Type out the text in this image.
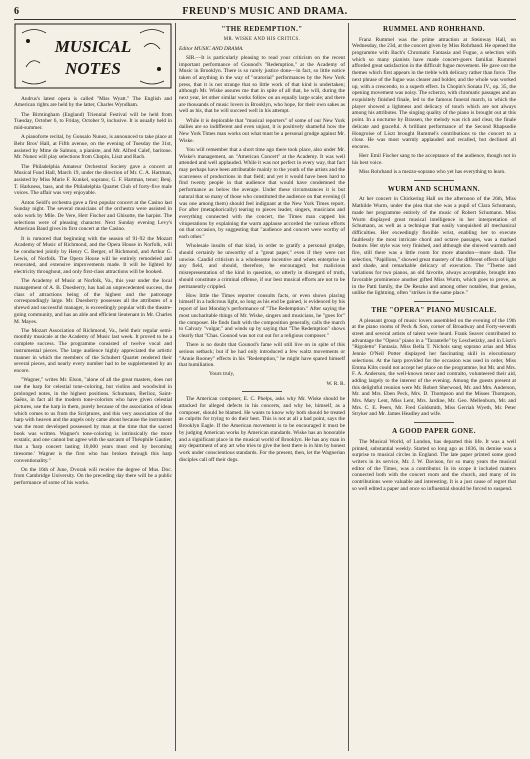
6	FREUND'S MUSIC AND DRAMA.
MUSICAL
NOTES

Andrus's latest opera is called "Miss Wyatt." The English and American rights are held by the latter, Charles Wyndham.

The Birmingham (England) Triennial Festival will be held from Tuesday, October 6, to Friday, October 9, inclusive. It is usually held in mid-summer.

A pianoforte recital, by Gonsalo Nunez, is announced to take place at Behr Bros' Hall, at Fifth avenue, on the evening of Tuesday the 31st, assisted by Mme de Salmon, a pianiste, and Mr. Alfred Calef, baritone. Mr. Nunez will play selections from Chopin, Liszt and Bach.

The Philadelphia Amateur Orchestral Society gave a concert at Musical Fund Hall, March 19, under the direction of Mr. C. A. Hartman, assisted by Miss Marie F. Kunkel, soprano; G. F. Hartman, tenor; Benj. T. Harkness, bass, and the Philadelphia Quartet Club of forty-five male voices. The affair was very enjoyable.

Anton Seidl's orchestra gave a first popular concert at the Casino last Sunday night. The several musicians of the orchestra were assisted in solo work by Mlle. De Vere, Herr Fischer and Ghisotte, the harpist. The selections were of pleasing character. Next Sunday evening Levy's American Band gives its first concert at the Casino.

It is rumored that beginning with the season of 91-92 the Mozart Academy of Music of Richmond, and the Opera House in Norfolk, will be conducted jointly by Henry C. Berger, of Richmond, and Arthur G. Lewis, of Norfolk. The Opera House will be entirely remodeled and renovated, and extensive improvements made. It will be lighted by electricity throughout, and only first-class attractions will be booked.

The Academy of Music at Norfolk, Va., this year under the local management of A. B. Duesberry, has had an unprecedented success, the class of attractions being of the highest and the patronage correspondingly large. Mr. Duesberry possesses all the attributes of a shrewd and successful manager, is exceedingly popular with the theatre-going community, and has an able and efficient lieutenant in Mr. Charles M. Mayes.

The Mozart Association of Richmond, Va., held their regular semi-monthly musicale at the Academy of Music last week. It proved to be a complete success. The programme consisted of twelve vocal and instrumental pieces. The large audience highly appreciated the artistic manner in which the members of the Schubert Quartet rendered their several pieces, and nearly every number had to be supplemented by an encore.

"Wagner," writes Mr. Elson, "alone of all the great masters, does not use the harp for celestial tone-coloring, but violins and woodwind in prolonged notes, in the highest positions. Schumann, Berlioz, Saint-Saëns, in fact all the modern tone-colorists who have given celestial pictures, use the harp in them, purely because of the association of ideas which comes to us from the Scriptures, and this very association of the harp with heaven and the angels only came about because the instrument was the most developed possessed by man at the time that the sacred book was written. Wagner's tone-coloring is intrinsically the more ecstatic, and one cannot but agree with the sarcasm of Théophile Gautier, that a 'harp concert lasting 10,000 years must end by becoming tiresome.' Wagner is the first who has broken through this harp conventionality."

On the 16th of June, Dvorak will receive the degree of Mus. Doc. from Cambridge University. On the preceding day there will be a public performance of some of his works.

"THE REDEMPTION."
MR. WISKE AND HIS CRITICS.

Editor MUSIC AND DRAMA.

SIR.—It is particularly pleasing to read your criticism on the recent important performance of Gounod's "Redemption," at the Academy of Music in Brooklyn. There is so rarely justice done—in fact, so little notice taken of anything in the way of "oratorial" performances by the New York press, that it is not strange that so little work of that kind is undertaken; although Mr. Wiske assures me that in spite of all that, he will, during the next year, let other similar works follow on an equally large scale; and there are thousands of music lovers in Brooklyn, who hope, for their own sakes as well as his, that he will succeed well in his attempt.

While it is deplorable that "musical reporters" of some of our New York dailies are so indifferent and even unjust, it is positively shameful how the New York Times man works out what must be a personal grudge against Mr. Wiske.

You will remember that a short time ago there took place, also under Mr. Wiske's management, an "American Concert" at the Academy. It was well attended and well applauded. While it was not perfect in every way, that fact may perhaps have been attributable mainly to the youth of the artists and the scarceness of productions in that field; and yet it would have been hard to find twenty people in that audience that would have condemned the performance as below the average. Under these circumstances it is but natural that so many of those who constituted the audience on that evening (I was one among them) should feel indignant at the New York Times report. For after (metaphorically) tearing to pieces leader, singers, musicians and everything connected with the concert, the Times man capped his vituperations by explaining the warm applause accorded the various efforts on that occasion, by suggesting that "audience and concert were worthy of each other."

Wholesale insults of that kind, in order to gratify a personal grudge, should certainly be unworthy of a "great paper," even if they were not unwise. Candid criticism is a wholesome incentive and whets enterprise in any field, and should, therefore, be encouraged; but malicious misrepresentation of the kind in question, so utterly in disregard of truth, should constitute a criminal offense, if our best musical efforts are not to be permanently crippled.

How little the Times reporter consults facts, or even shows placing himself in a ludicrous light, so long as his end be gained, is evidenced by his report of last Monday's performance of "The Redemption." After saying the most uncharitable things of Mr. Wiske, singers and musicians, he "goes for" the composer. He finds fault with the composition generally, calls the march to Calvary "vulgar," and winds up by saying that "The Redemption" shows clearly that "Chas. Gounod was not cut out for a religious composer."

There is no doubt that Gounod's fame will still live on in spite of this serious setback; but if he had only introduced a few waltz movements or "Annie Rooney" effects in his "Redemption," he might have spared himself that humiliation.

Yours truly,

W. R. R.

The American composer, E. C. Phelps, asks why Mr. Wiske should be attacked for alleged defects in his concerts, and why he, himself, as a composer, should be blamed. He wants to know why both should be treated as culprits for trying to do their best. This is not at all a bad point, says the Brooklyn Eagle. If the American movement is to be encouraged it must be by judging American works by American standards. Wiske has an honorable and a significant place in the musical world of Brooklyn. He has any man in any department of any art who tries to give the best there is in him by honest work under conscientious standards. For the present, then, let the Wagnerian disciples call off their dogs.

RUMMEL AND ROHRHAND.

Franz Rummel was the prime attraction at Steinway Hall, on Wednesday, the 23d, at the concert given by Miss Rohrband. He opened the programme with Bach's Chromatic Fantasia and Fugue, a selection with which so many pianists have made concert-goers familiar. Rummel afforded great satisfaction in the difficult fugue movement. He gave out the themes which first appears in the treble with delicacy rather than force. The next phrase of the fugue was clearer and bolder, and the whole was worked up, with a crescendo, to a superb effect. In Chopin's Sonata IV., op. 35, the opening movement was noisy. The scherzo, with chromatic passages and an exquisitely finished finale, led to the famous funeral march, in which the player showed a lightness and delicacy of touch which are not always among his attributes. The singing quality of the piano is brought out at this point. In a nocturne by Brassen, the melody was rich and clear, the finale delicate and graceful. A brilliant performance of the Second Rhapsodie Hongroise of Liszt brought Rummel's contributions to the concert to a close. He was most warmly applauded and recalled, but declined all encores.

Herr Emil Fischer sang to the acceptance of the audience, though not in his best voice.

Miss Rohrband is a mezzo-soprano who yet has everything to learn.

WURM AND SCHUMANN.

At her concert in Chickering Hall on the afternoon of the 26th, Miss Mathilde Wurm, under the plea that she was a pupil of Clara Schumann, made her programme entirely of the music of Robert Schumann. Miss Wurm displayed great musical intelligence in her interpretation of Schumann, as well as a technique that easily vanquished all mechanical difficulties. Her exceedingly flexible wrist, enabling her to execute faultlessly the most intricate chord and octave passages, was a marked feature. Her style was very finished, and although she showed warmth and fire, still there was a little room for more abandon—more dash. The selection, "Papillons," showed great mastery of the different effects of light and shade, and remarkable delicacy of execution. The "Theme and variations for two pianos, an old favorite, always acceptable, brought into favorable prominence another gifted Miss Wurm, which goes to prove, as in the Patti family, the De Reszke and among other notables, that genius, unlike the lightning, often "strikes in the same place."

THE "OPERA" PIANO MUSICALE.

A pleasant group of music lovers assembled on the evening of the 19th at the piano rooms of Peck & Son, corner of Broadway and Forty-seventh street and several artists of talent were heard. Frank Seaver contributed to advantage the "Opera" piano in a "Tarantelle" by Leschetizky, and in Liszt's "Rigoletto" Fantasia. Miss Bella T. Nichols sang soprano arias and Miss Jennie O'Neil Potter displayed her fascinating skill in elocutionary selections. At the harp provided for the occasion was used in order, Miss Emma Kilts could not accept her place on the programme, but Mr. and Mrs. F. A. Anderson, the well-known tenor and contralto, volunteered their aid, adding largely to the interest of the evening. Among the guests present at this delightful reunion were Mr. Robert Sherwood, Mr. and Mrs. Anderson, Mr. and Mrs. Eben Peck, Mrs. D. Thompson and the Misses Thompson, Mrs. Mary Lent, Miss Lent, Mrs. Jardine, Mr. Geo. Mellenburn, Mr. and Mrs. C. E. Peers, Mr. Fred Goldsmith, Miss Gerriah Wyeth, Mr. Peter Stryker and Mr. James Headley and wife.

A GOOD PAPER GONE.

The Musical World, of London, has departed this life. It was a well printed, substantial weekly. Started so long ago as 1836, its demise was a surprise to musical circles in England. The late paper printed some good writers in its service, Mr. J. W. Davison, for so many years the musical editor of the Times, was a contributor. In its scope it included matters connected both with the concert room and the church, and many of its contributions were valuable and interesting. It is a just cause of regret that so well edited a paper and once so influential should be forced to suspend.
